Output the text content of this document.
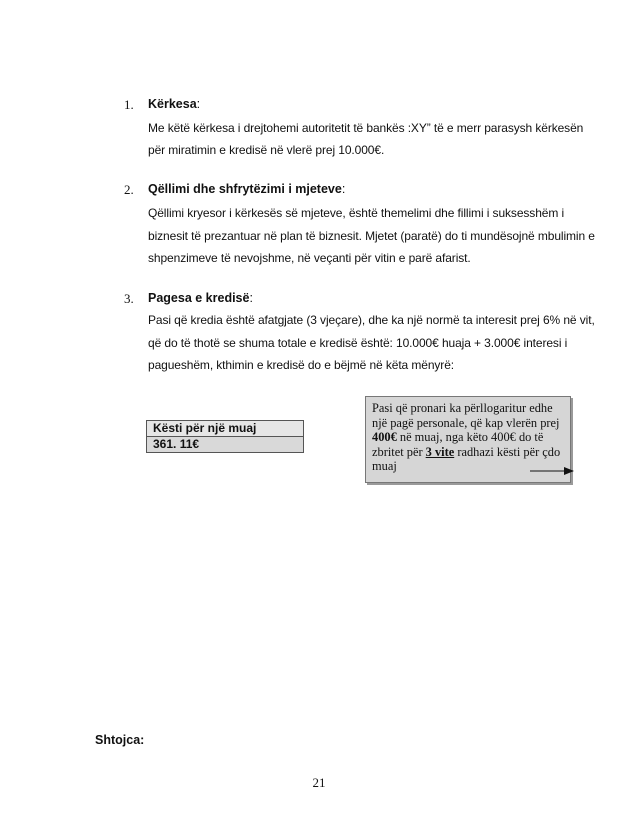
1. Kërkesa:
Me këtë kërkesa i drejtohemi autoritetit të bankës :XY” të e merr parasysh kërkesën
për miratimin e kredisë në vlerë prej 10.000€.
2. Qëllimi dhe shfrytëzimi i mjeteve:
Qëllimi kryesor i kërkesës së mjeteve, është themelimi dhe fillimi i suksesshëm i
biznesit të prezantuar në plan të biznesit. Mjetet (paratë) do ti mundësojnë mbulimin e
shpenzimeve të nevojshme, në veçanti për vitin e parë afarist.
3. Pagesa e kredisë:
Pasi që kredia është afatgjate (3 vjeçare), dhe ka një normë ta interesit prej 6% në vit,
që do të thotë se shuma totale e kredisë është: 10.000€ huaja + 3.000€ interesi i
paguesh​ëm, kthimin e kredisë do e bëjmë në këta mënyrë:
Kësti për një muaj
361. 11€
Pasi që pronari ka përllogaritur edhe një pagë personale, që kap vlerën prej 400€ në muaj, nga këto 400€ do të zbritet për 3 vite radhazi kësti për çdo muaj
Shtojca:
21
